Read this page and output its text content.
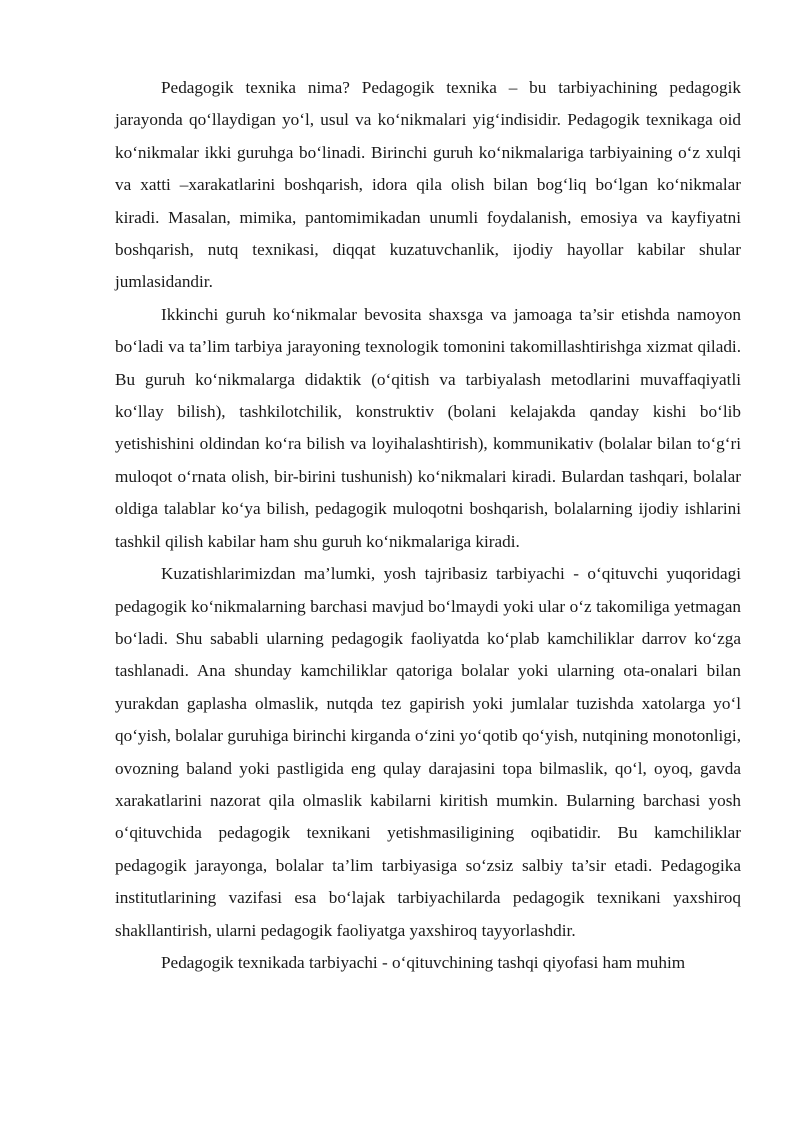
Pedagogik texnika nima? Pedagogik texnika – bu tarbiyachining pedagogik jarayonda qo‘llaydigan yo‘l, usul va ko‘nikmalari yig‘indisidir. Pedagogik texnikaga oid ko‘nikmalar ikki guruhga bo‘linadi. Birinchi guruh ko‘nikmalariga tarbiyaining o‘z xulqi va xatti –xarakatlarini boshqarish, idora qila olish bilan bog‘liq bo‘lgan ko‘nikmalar kiradi. Masalan, mimika, pantomimikadan unumli foydalanish, emosiya va kayfiyatni boshqarish, nutq texnikasi, diqqat kuzatuvchanlik, ijodiy hayollar kabilar shular jumlasidandir.

Ikkinchi guruh ko‘nikmalar bevosita shaxsga va jamoaga ta’sir etishda namoyon bo‘ladi va ta’lim tarbiya jarayoning texnologik tomonini takomillashtirishga xizmat qiladi. Bu guruh ko‘nikmalarga didaktik (o‘qitish va tarbiyalash metodlarini muvaffaqiyatli ko‘llay bilish), tashkilotchilik, konstruktiv (bolani kelajakda qanday kishi bo‘lib yetishishini oldindan ko‘ra bilish va loyihalashtirish), kommunikativ (bolalar bilan to‘g‘ri muloqot o‘rnata olish, bir-birini tushunish) ko‘nikmalari kiradi. Bulardan tashqari, bolalar oldiga talablar ko‘ya bilish, pedagogik muloqotni boshqarish, bolalarning ijodiy ishlarini tashkil qilish kabilar ham shu guruh ko‘nikmalariga kiradi.

Kuzatishlarimizdan ma’lumki, yosh tajribasiz tarbiyachi - o‘qituvchi yuqoridagi pedagogik ko‘nikmalarning barchasi mavjud bo‘lmaydi yoki ular o‘z takomiliga yetmagan bo‘ladi. Shu sababli ularning pedagogik faoliyatda ko‘plab kamchiliklar darrov ko‘zga tashlanadi. Ana shunday kamchiliklar qatoriga bolalar yoki ularning ota-onalari bilan yurakdan gaplasha olmaslik, nutqda tez gapirish yoki jumlalar tuzishda xatolarga yo‘l qo‘yish, bolalar guruhiga birinchi kirganda o‘zini yo‘qotib qo‘yish, nutqining monotonligi, ovozning baland yoki pastligida eng qulay darajasini topa bilmaslik, qo‘l, oyoq, gavda xarakatlarini nazorat qila olmaslik kabilarni kiritish mumkin. Bularning barchasi yosh o‘qituvchida pedagogik texnikani yetishmasiligining oqibatidir. Bu kamchiliklar pedagogik jarayonga, bolalar ta’lim tarbiyasiga so‘zsiz salbiy ta’sir etadi. Pedagogika institutlarining vazifasi esa bo‘lajak tarbiyachilarda pedagogik texnikani yaxshiroq shakllantirish, ularni pedagogik faoliyatga yaxshiroq tayyorlashdir.

Pedagogik texnikada tarbiyachi - o‘qituvchining tashqi qiyofasi ham muhim
